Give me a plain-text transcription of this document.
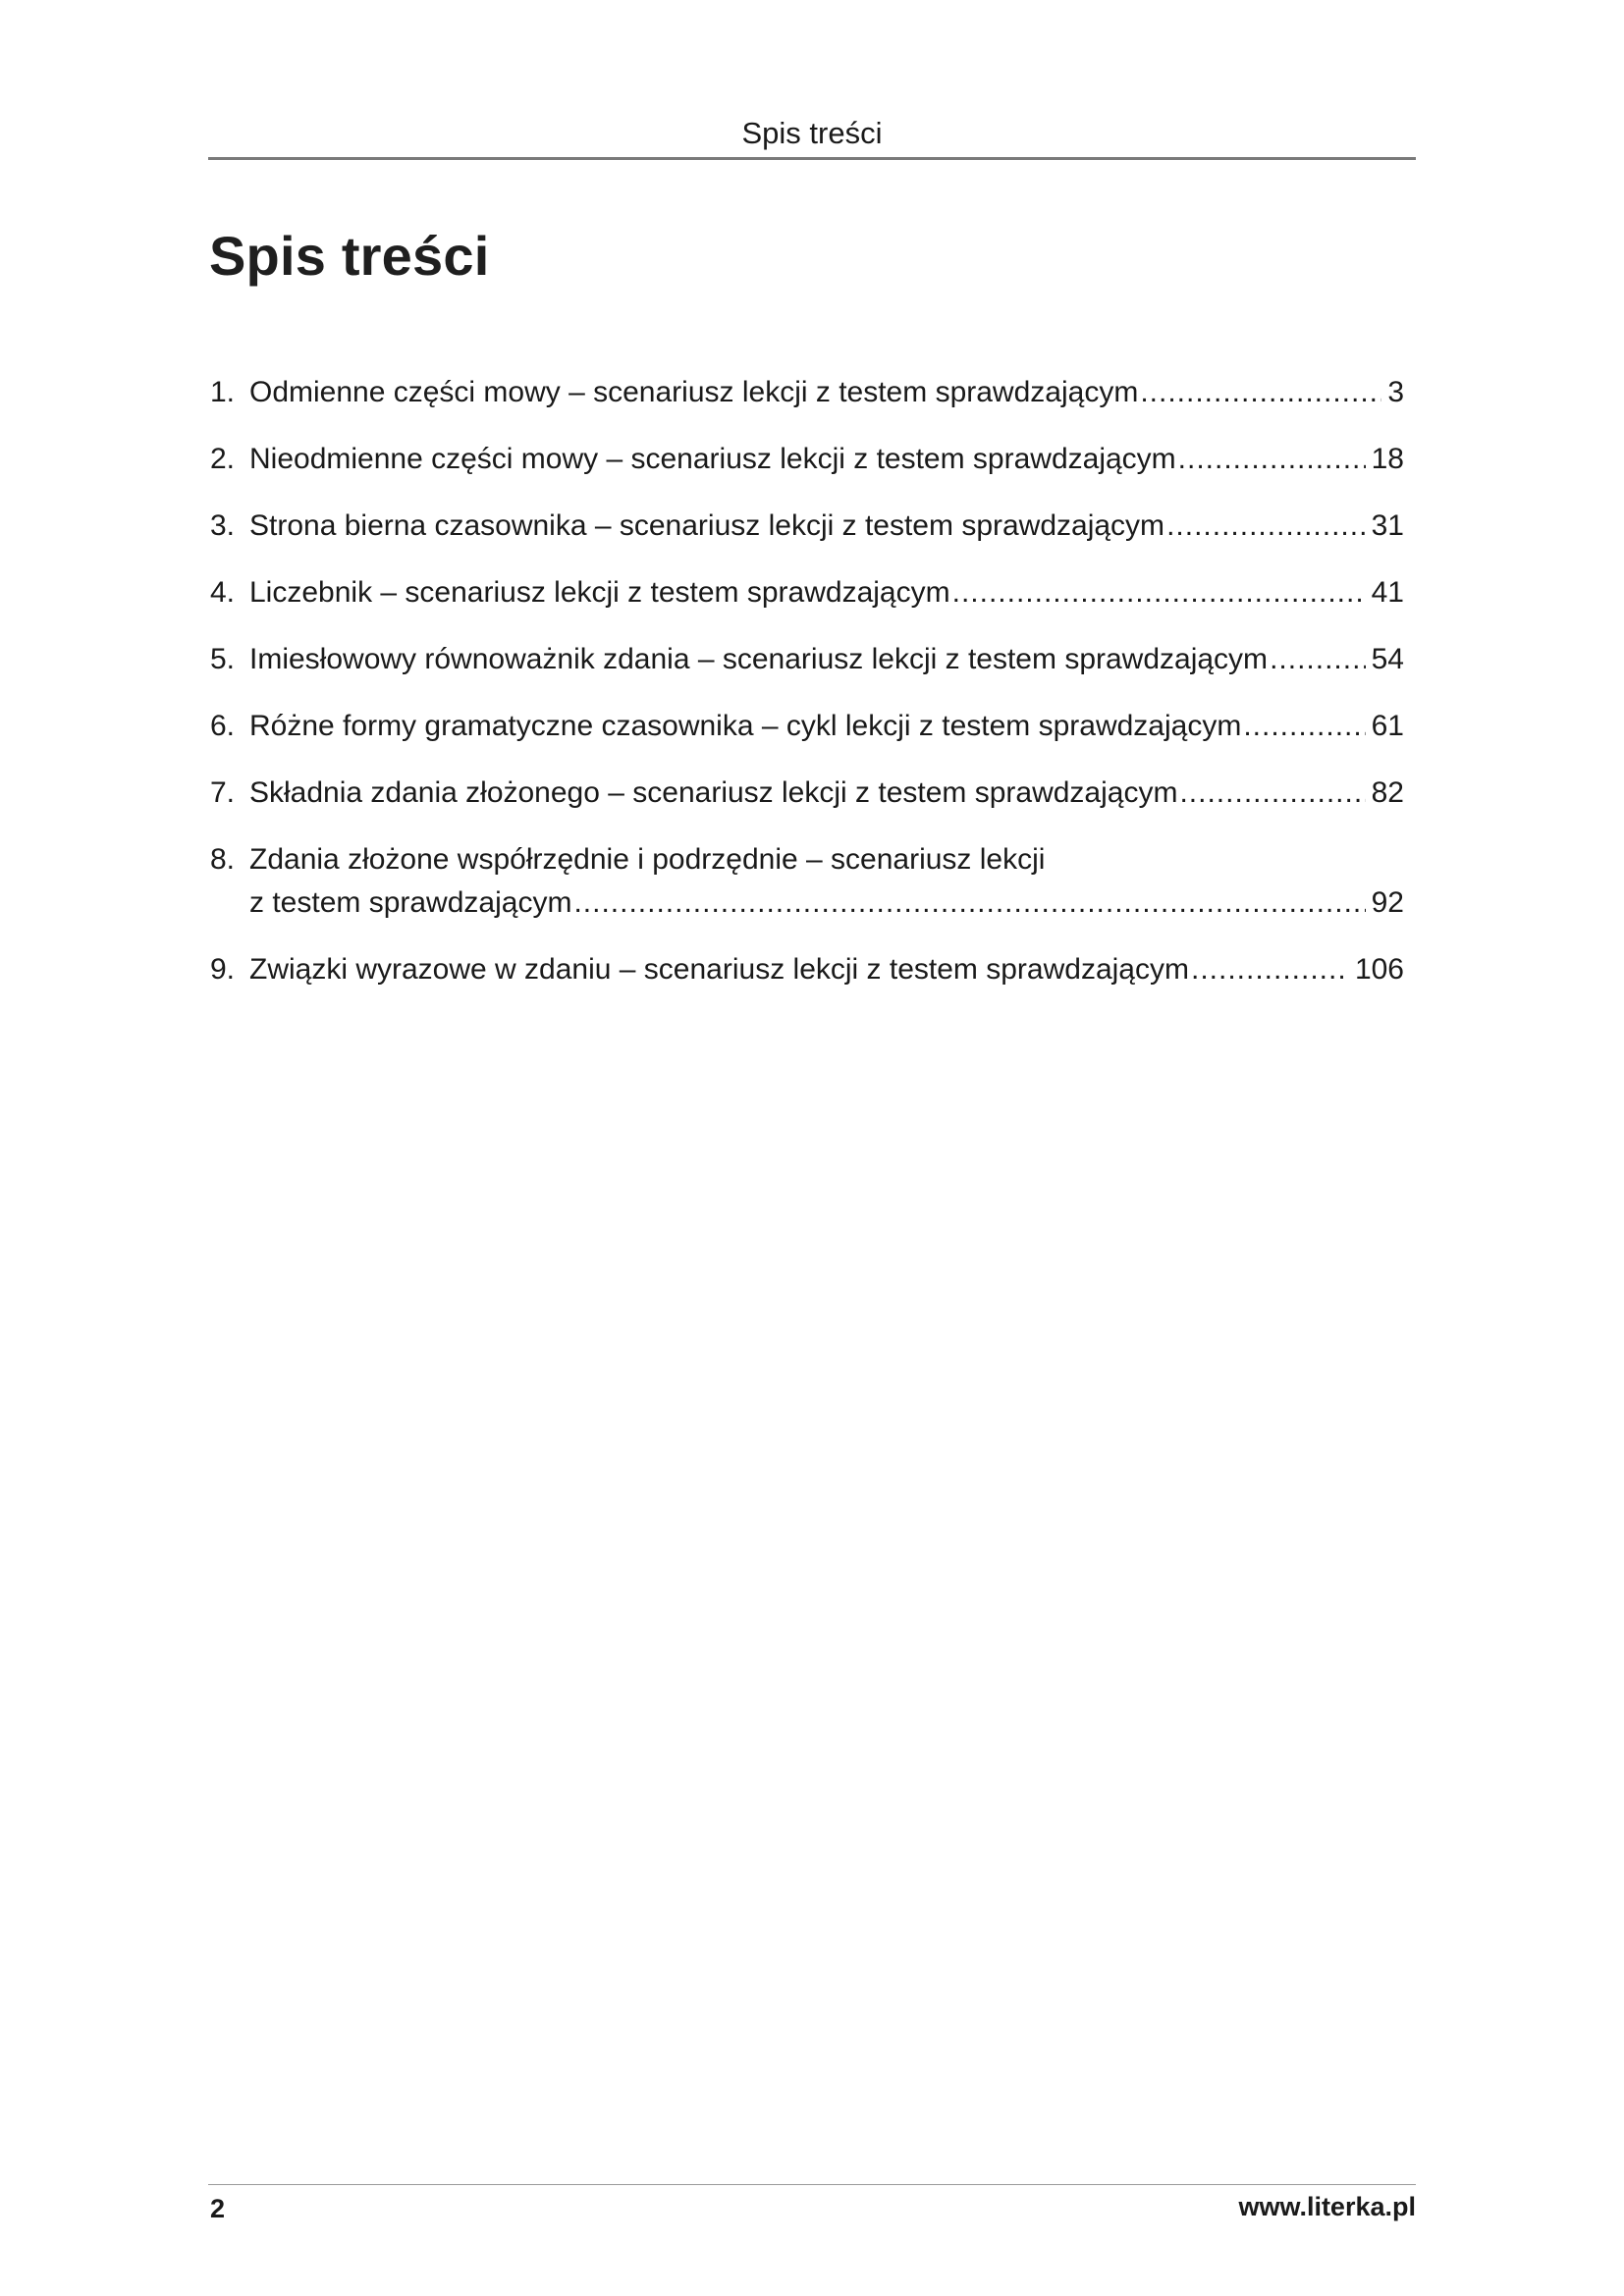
Spis treści
Spis treści
1. Odmienne części mowy – scenariusz lekcji z testem sprawdzającym .....	3
2. Nieodmienne części mowy – scenariusz lekcji z testem sprawdzającym .....	18
3. Strona bierna czasownika – scenariusz lekcji z testem sprawdzającym .....	31
4. Liczebnik – scenariusz lekcji z testem sprawdzającym .....	41
5. Imiesłowowy równoważnik zdania – scenariusz lekcji z testem sprawdzającym .....	54
6. Różne formy gramatyczne czasownika – cykl lekcji z testem sprawdzającym .....	61
7. Składnia zdania złożonego – scenariusz lekcji z testem sprawdzającym .....	82
8. Zdania złożone współrzędnie i podrzędnie – scenariusz lekcji
z testem sprawdzającym .....	92
9. Związki wyrazowe w zdaniu – scenariusz lekcji z testem sprawdzającym .....	106
2	www.literka.pl
